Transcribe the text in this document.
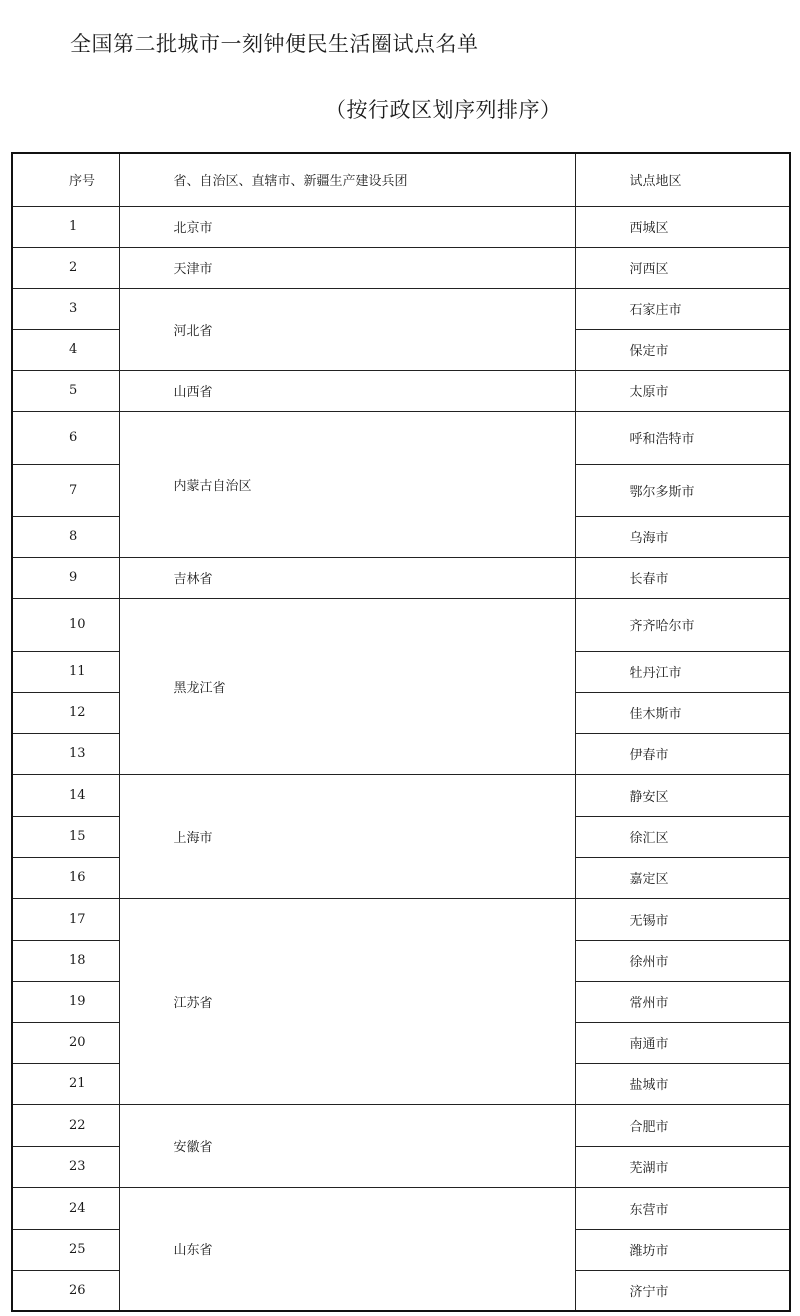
全国第二批城市一刻钟便民生活圈试点名单
（按行政区划序列排序）
序号	省、自治区、直辖市、新疆生产建设兵团	试点地区
1	北京市	西城区
2	天津市	河西区
3	河北省	石家庄市
4		保定市
5	山西省	太原市
6	内蒙古自治区	呼和浩特市
7		鄂尔多斯市
8		乌海市
9	吉林省	长春市
10	黑龙江省	齐齐哈尔市
11		牡丹江市
12		佳木斯市
13		伊春市
14	上海市	静安区
15		徐汇区
16		嘉定区
17	江苏省	无锡市
18		徐州市
19		常州市
20		南通市
21		盐城市
22	安徽省	合肥市
23		芜湖市
24	山东省	东营市
25		潍坊市
26		济宁市
